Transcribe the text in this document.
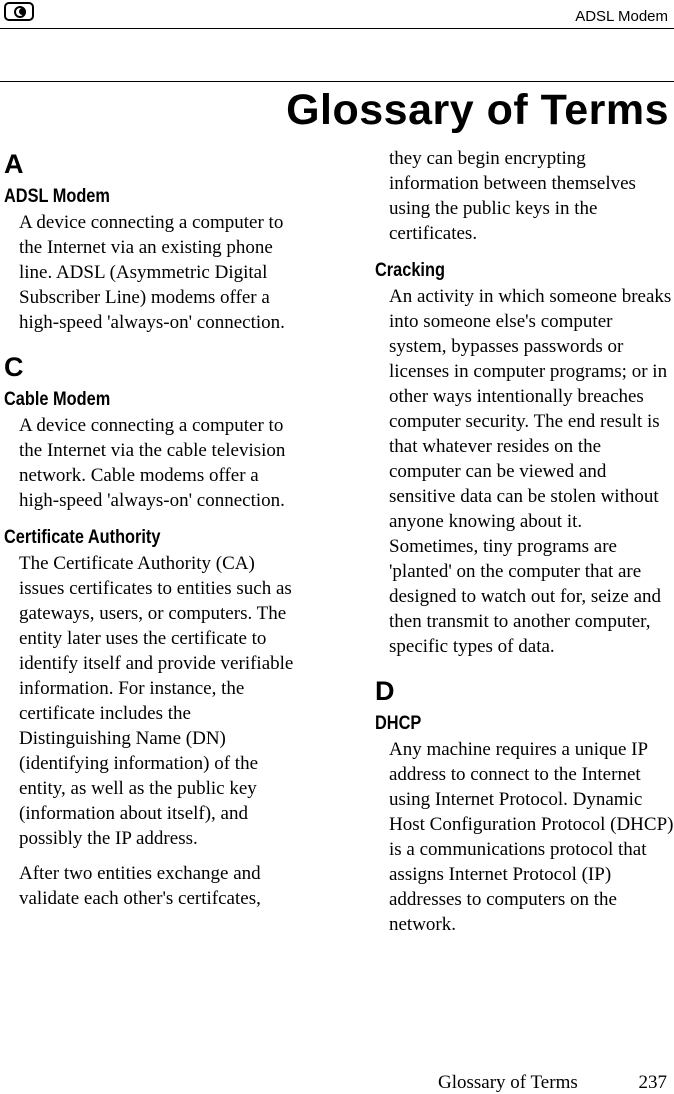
ADSL Modem
Glossary of Terms
A
ADSL Modem

A device connecting a computer to the Internet via an existing phone line. ADSL (Asymmetric Digital Subscriber Line) modems offer a high-speed 'always-on' connection.

C
Cable Modem

A device connecting a computer to the Internet via the cable television network. Cable modems offer a high-speed 'always-on' connection.

Certificate Authority

The Certificate Authority (CA) issues certificates to entities such as gateways, users, or computers. The entity later uses the certificate to identify itself and provide verifiable information. For instance, the certificate includes the Distinguishing Name (DN) (identifying information) of the entity, as well as the public key (information about itself), and possibly the IP address.

After two entities exchange and validate each other's certifcates,

they can begin encrypting information between themselves using the public keys in the certificates.

Cracking

An activity in which someone breaks into someone else's computer system, bypasses passwords or licenses in computer programs; or in other ways intentionally breaches computer security. The end result is that whatever resides on the computer can be viewed and sensitive data can be stolen without anyone knowing about it. Sometimes, tiny programs are 'planted' on the computer that are designed to watch out for, seize and then transmit to another computer, specific types of data.

D
DHCP

Any machine requires a unique IP address to connect to the Internet using Internet Protocol. Dynamic Host Configuration Protocol (DHCP) is a communications protocol that assigns Internet Protocol (IP) addresses to computers on the network.

Glossary of Terms	237
